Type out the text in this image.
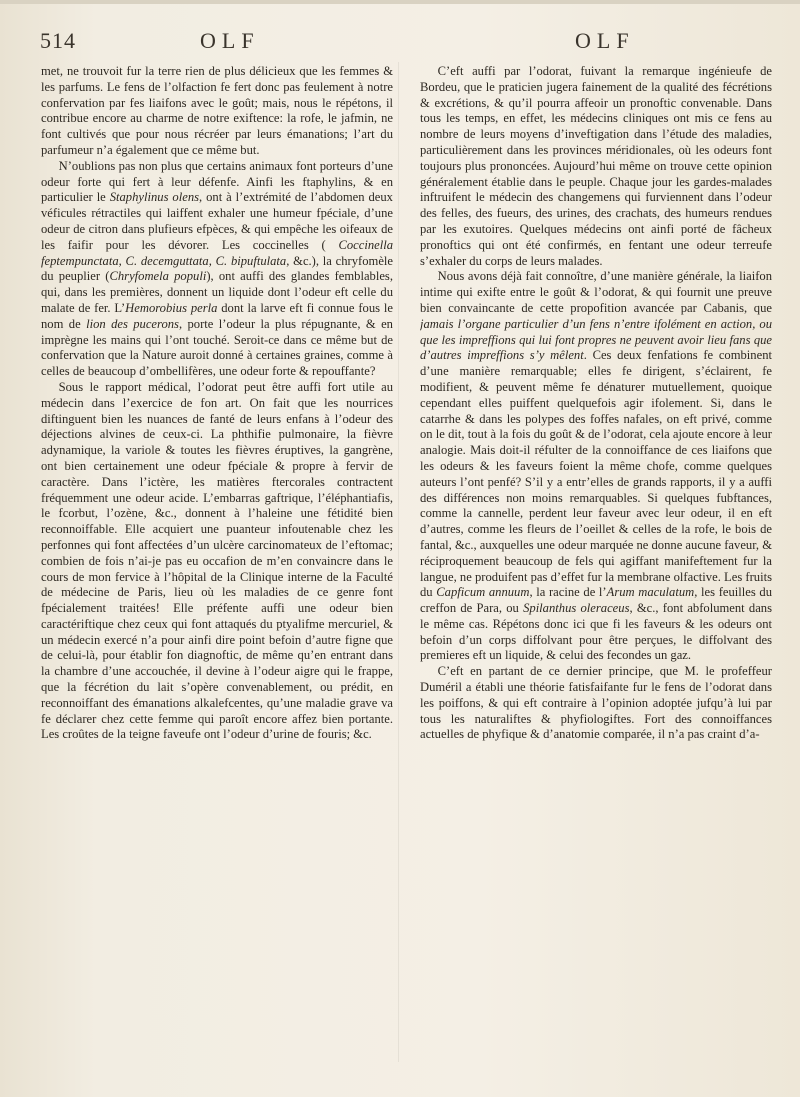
514	OLF	OLF

met, ne trouvoit fur la terre rien de plus délicieux que les femmes & les parfums. Le fens de l’olfaction fe fert donc pas feulement à notre confervation par fes liaifons avec le goût; mais, nous le répétons, il contribue encore au charme de notre exiftence: la rofe, le jafmin, ne font cultivés que pour nous récréer par leurs émanations; l’art du parfumeur n’a également que ce même but.

N’oublions pas non plus que certains animaux font porteurs d’une odeur forte qui fert à leur défenfe. Ainfi les ftaphylins, & en particulier le Staphylinus olens, ont à l’extrémité de l’abdomen deux véficules rétractiles qui laiffent exhaler une humeur fpéciale, d’une odeur de citron dans plufieurs efpèces, & qui empêche les oifeaux de les faifir pour les dévorer. Les coccinelles ( Coccinella feptempunctata, C. decemguttata, C. bipuftulata, &c.), la chryfomèle du peuplier (Chryfomela populi), ont auffi des glandes femblables, qui, dans les premières, donnent un liquide dont l’odeur eft celle du malate de fer. L’Hemorobius perla dont la larve eft fi connue fous le nom de lion des pucerons, porte l’odeur la plus répugnante, & en imprègne les mains qui l’ont touché. Seroit-ce dans ce même but de confervation que la Nature auroit donné à certaines graines, comme à celles de beaucoup d’ombellifères, une odeur forte & repouffante?

Sous le rapport médical, l’odorat peut être auffi fort utile au médecin dans l’exercice de fon art. On fait que les nourrices diftinguent bien les nuances de fanté de leurs enfans à l’odeur des déjections alvines de ceux-ci. La phthifie pulmonaire, la fièvre adynamique, la variole & toutes les fièvres éruptives, la gangrène, ont bien certainement une odeur fpéciale & propre à fervir de caractère. Dans l’ictère, les matières ftercorales contractent fréquemment une odeur acide. L’embarras gaftrique, l’éléphantiafis, le fcorbut, l’ozène, &c., donnent à l’haleine une fétidité bien reconnoiffable. Elle acquiert une puanteur infoutenable chez les perfonnes qui font affectées d’un ulcère carcinomateux de l’eftomac; combien de fois n’ai-je pas eu occafion de m’en convaincre dans le cours de mon fervice à l’hôpital de la Clinique interne de la Faculté de médecine de Paris, lieu où les maladies de ce genre font fpécialement traitées! Elle préfente auffi une odeur bien caractériftique chez ceux qui font attaqués du ptyalifme mercuriel, & un médecin exercé n’a pour ainfi dire point befoin d’autre figne que de celui-là, pour établir fon diagnoftic, de même qu’en entrant dans la chambre d’une accouchée, il devine à l’odeur aigre qui le frappe, que la fécrétion du lait s’opère convenablement, ou prédit, en reconnoiffant des émanations alkalefcentes, qu’une maladie grave va fe déclarer chez cette femme qui paroît encore affez bien portante. Les croûtes de la teigne faveufe ont l’odeur d’urine de fouris; &c.

C’eft auffi par l’odorat, fuivant la remarque ingénieufe de Bordeu, que le praticien jugera fainement de la qualité des fécrétions & excrétions, & qu’il pourra affeoir un pronoftic convenable. Dans tous les temps, en effet, les médecins cliniques ont mis ce fens au nombre de leurs moyens d’inveftigation dans l’étude des maladies, particulièrement dans les provinces méridionales, où les odeurs font toujours plus prononcées. Aujourd’hui même on trouve cette opinion généralement établie dans le peuple. Chaque jour les gardes-malades inftruifent le médecin des changemens qui furviennent dans l’odeur des felles, des fueurs, des urines, des crachats, des humeurs rendues par les exutoires. Quelques médecins ont ainfi porté de fâcheux pronoftics qui ont été confirmés, en fentant une odeur terreufe s’exhaler du corps de leurs malades.

Nous avons déjà fait connoître, d’une manière générale, la liaifon intime qui exifte entre le goût & l’odorat, & qui fournit une preuve bien convaincante de cette propofition avancée par Cabanis, que jamais l’organe particulier d’un fens n’entre ifolément en action, ou que les impreffions qui lui font propres ne peuvent avoir lieu fans que d’autres impreffions s’y mêlent. Ces deux fenfations fe combinent d’une manière remarquable; elles fe dirigent, s’éclairent, fe modifient, & peuvent même fe dénaturer mutuellement, quoique cependant elles puiffent quelquefois agir ifolement. Si, dans le catarrhe & dans les polypes des foffes nafales, on eft privé, comme on le dit, tout à la fois du goût & de l’odorat, cela ajoute encore à leur analogie. Mais doit-il réfulter de la connoiffance de ces liaifons que les odeurs & les faveurs foient la même chofe, comme quelques auteurs l’ont penfé? S’il y a entr’elles de grands rapports, il y a auffi des différences non moins remarquables. Si quelques fubftances, comme la cannelle, perdent leur faveur avec leur odeur, il en eft d’autres, comme les fleurs de l’oeillet & celles de la rofe, le bois de fantal, &c., auxquelles une odeur marquée ne donne aucune faveur, & réciproquement beaucoup de fels qui agiffant manifeftement fur la langue, ne produifent pas d’effet fur la membrane olfactive. Les fruits du Capficum annuum, la racine de l’Arum maculatum, les feuilles du creffon de Para, ou Spilanthus oleraceus, &c., font abfolument dans le même cas. Répétons donc ici que fi les faveurs & les odeurs ont befoin d’un corps diffolvant pour être perçues, le diffolvant des premieres eft un liquide, & celui des fecondes un gaz.

C’eft en partant de ce dernier principe, que M. le profeffeur Duméril a établi une théorie fatisfaifante fur le fens de l’odorat dans les poiffons, & qui eft contraire à l’opinion adoptée jufqu’à lui par tous les naturaliftes & phyfiologiftes. Fort des connoiffances actuelles de phyfique & d’anatomie comparée, il n’a pas craint d’a-
